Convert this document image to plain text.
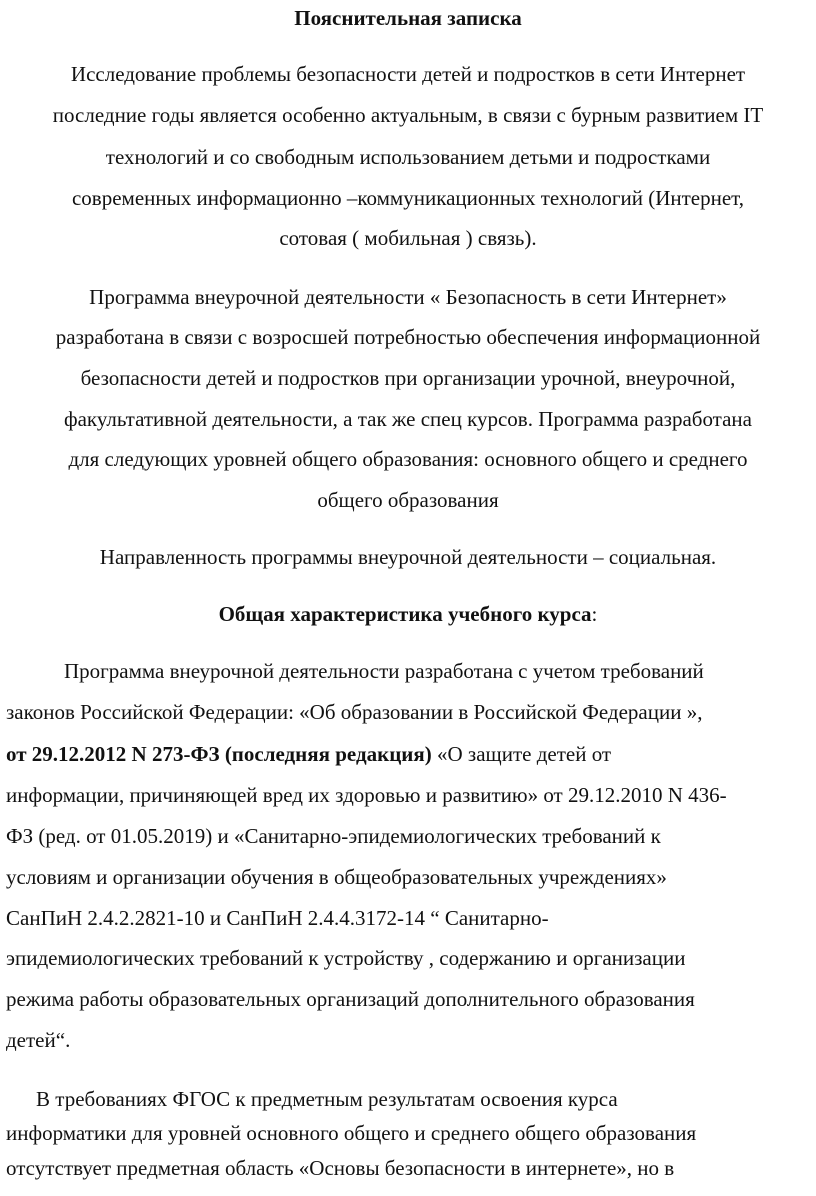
Пояснительная записка
Исследование проблемы безопасности детей и подростков в сети Интернет
последние годы является особенно актуальным, в связи с бурным развитием IT
технологий и со свободным использованием детьми и подростками
современных информационно –коммуникационных технологий (Интернет,
сотовая ( мобильная ) связь).
Программа внеурочной деятельности « Безопасность в сети Интернет»
разработана в связи с возросшей потребностью обеспечения информационной
безопасности детей и подростков при организации урочной, внеурочной,
факультативной деятельности, а так же спец курсов. Программа разработана
для следующих уровней общего образования: основного общего и среднего
общего образования
Направленность программы внеурочной деятельности – социальная.
Общая характеристика учебного курса:
Программа внеурочной деятельности разработана с учетом требований
законов Российской Федерации: «Об образовании в Российской Федерации »,
от 29.12.2012 N 273-ФЗ (последняя редакция) «О защите детей от
информации, причиняющей вред их здоровью и развитию» от 29.12.2010 N 436-
ФЗ (ред. от 01.05.2019) и «Санитарно-эпидемиологических требований к
условиям и организации обучения в общеобразовательных учреждениях»
СанПиН 2.4.2.2821-10 и СанПиН 2.4.4.3172-14 “ Санитарно-
эпидемиологических требований к устройству , содержанию и организации
режима работы образовательных организаций дополнительного образования
детей“.
В требованиях ФГОС к предметным результатам освоения курса
информатики для уровней основного общего и среднего общего образования
отсутствует предметная область «Основы безопасности в интернете», но в
